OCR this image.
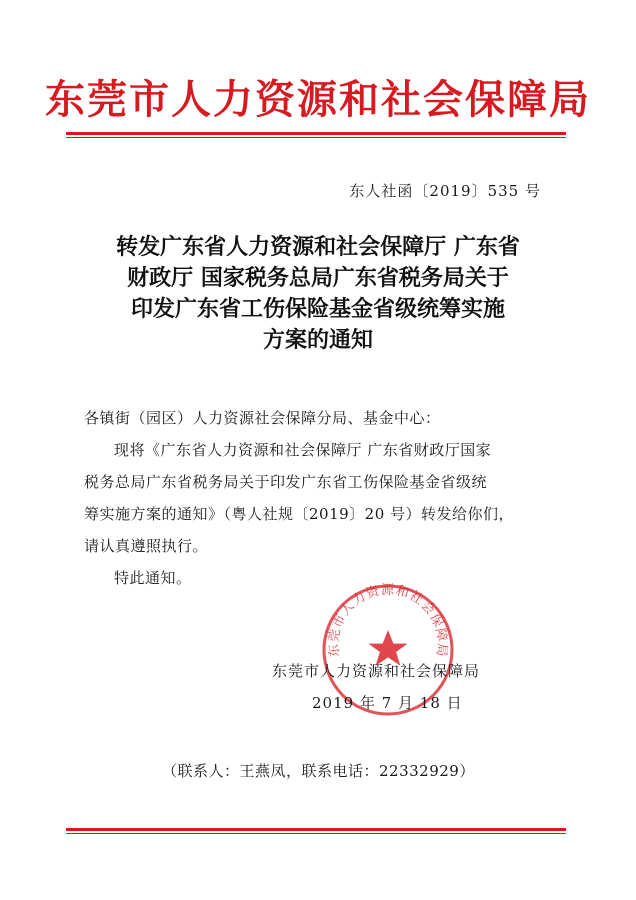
东莞市人力资源和社会保障局
东人社函〔2019〕535 号
转发广东省人力资源和社会保障厅 广东省
财政厅 国家税务总局广东省税务局关于
印发广东省工伤保险基金省级统筹实施
方案的通知
各镇街（园区）人力资源社会保障分局、基金中心：
现将《广东省人力资源和社会保障厅 广东省财政厅国家
税务总局广东省税务局关于印发广东省工伤保险基金省级统
筹实施方案的通知》（粤人社规〔2019〕20 号）转发给你们，
请认真遵照执行。
特此通知。
东莞市人力资源和社会保障局
东莞市人力资源和社会保障局
2019 年 7 月 18 日
（联系人：王燕凤，联系电话：22332929）
